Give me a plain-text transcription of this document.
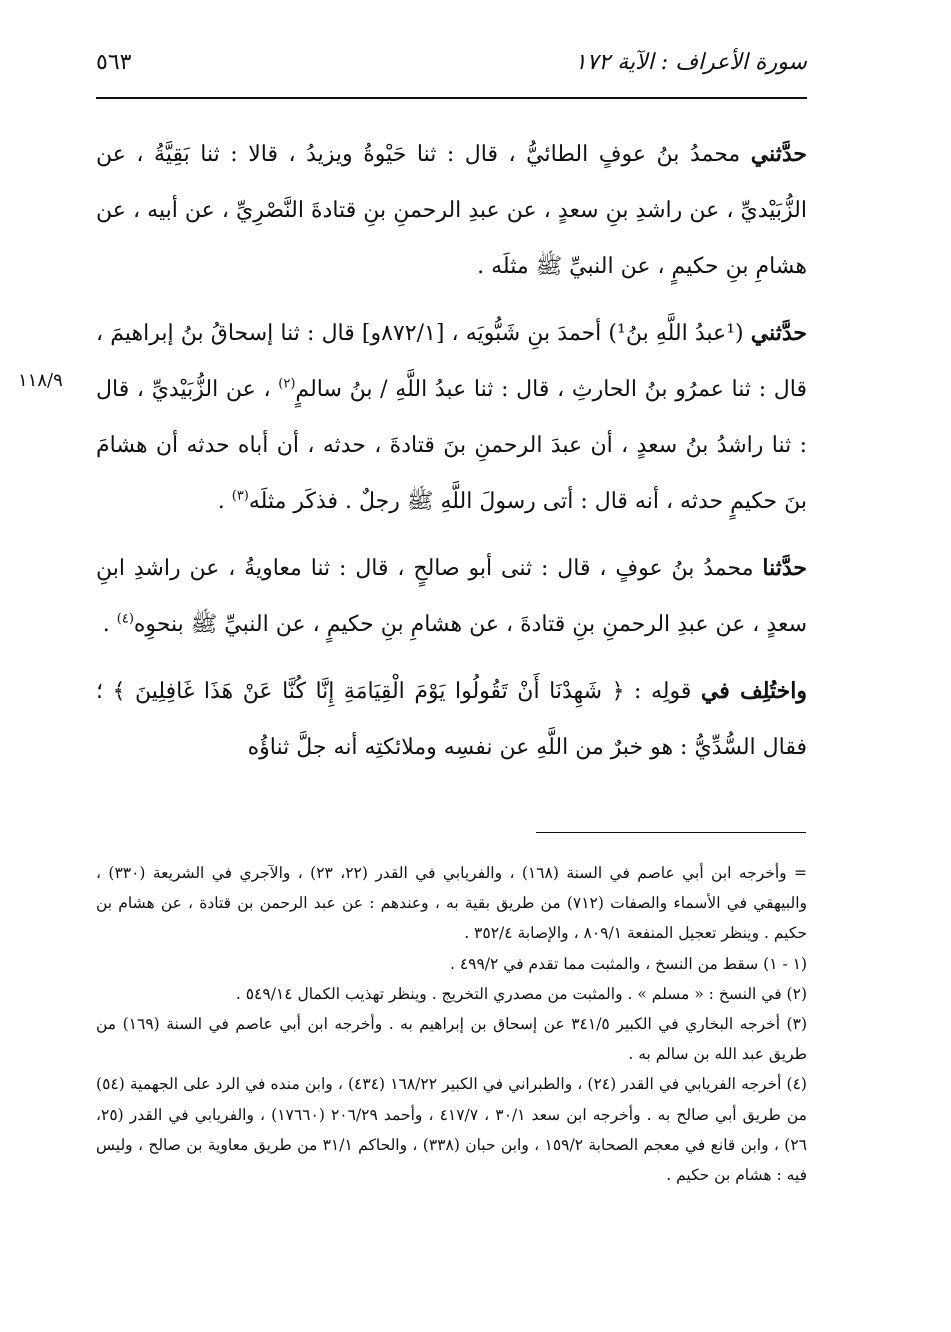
سورة الأعراف : الآية ١٧٢
٥٦٣
١١٨/٩

حدَّثني محمدُ بنُ عوفٍ الطائيُّ ، قال : ثنا حَيْوةُ ويزيدُ ، قالا : ثنا بَقِيَّةُ ، عن الزُّبَيْديِّ ، عن راشدِ بنِ سعدٍ ، عن عبدِ الرحمنِ بنِ قتادةَ النَّصْرِيِّ ، عن أبيه ، عن هشامِ بنِ حكيمٍ ، عن النبيِّ ﷺ مثلَه .

حدَّثني (¹عبدُ اللَّهِ بنُ¹) أحمدَ بنِ شَبُّويَه ، [٨٧٢/١و] قال : ثنا إسحاقُ بنُ إبراهيمَ ، قال : ثنا عمرُو بنُ الحارثِ ، قال : ثنا عبدُ اللَّهِ / بنُ سالمٍ$^{(٢)}$ ، عن الزُّبَيْديِّ ، قال : ثنا راشدُ بنُ سعدٍ ، أن عبدَ الرحمنِ بنَ قتادةَ ، حدثه ، أن أباه حدثه أن هشامَ بنَ حكيمٍ حدثه ، أنه قال : أتى رسولَ اللَّهِ ﷺ رجلٌ . فذكَر مثلَه$^{(٣)}$ .

حدَّثنا محمدُ بنُ عوفٍ ، قال : ثنى أبو صالحٍ ، قال : ثنا معاويةُ ، عن راشدِ ابنِ سعدٍ ، عن عبدِ الرحمنِ بنِ قتادةَ ، عن هشامِ بنِ حكيمٍ ، عن النبيِّ ﷺ بنحوِه$^{(٤)}$ .

واختُلِف في قولِه : ﴿ شَهِدْنَا أَنْ تَقُولُوا يَوْمَ الْقِيَامَةِ إِنَّا كُنَّا عَنْ هَذَا غَافِلِينَ ﴾ ؛ فقال السُّدِّيُّ : هو خبرٌ من اللَّهِ عن نفسِه وملائكتِه أنه جلَّ ثناؤُه

= وأخرجه ابن أبي عاصم في السنة (١٦٨) ، والفريابي في القدر (٢٢، ٢٣) ، والآجري في الشريعة (٣٣٠) ، والبيهقي في الأسماء والصفات (٧١٢) من طريق بقية به ، وعندهم : عن عبد الرحمن بن قتادة ، عن هشام بن حكيم . وينظر تعجيل المنفعة ٨٠٩/١ ، والإصابة ٣٥٢/٤ .

(١ - ١) سقط من النسخ ، والمثبت مما تقدم في ٤٩٩/٢ .

(٢) في النسخ : « مسلم » . والمثبت من مصدري التخريج . وينظر تهذيب الكمال ٥٤٩/١٤ .

(٣) أخرجه البخاري في الكبير ٣٤١/٥ عن إسحاق بن إبراهيم به . وأخرجه ابن أبي عاصم في السنة (١٦٩) من طريق عبد الله بن سالم به .

(٤) أخرجه الفريابي في القدر (٢٤) ، والطبراني في الكبير ١٦٨/٢٢ (٤٣٤) ، وابن منده في الرد على الجهمية (٥٤) من طريق أبي صالح به . وأخرجه ابن سعد ٣٠/١ ، ٤١٧/٧ ، وأحمد ٢٠٦/٢٩ (١٧٦٦٠) ، والفريابي في القدر (٢٥، ٢٦) ، وابن قانع في معجم الصحابة ١٥٩/٢ ، وابن حبان (٣٣٨) ، والحاكم ٣١/١ من طريق معاوية بن صالح ، وليس فيه : هشام بن حكيم .
